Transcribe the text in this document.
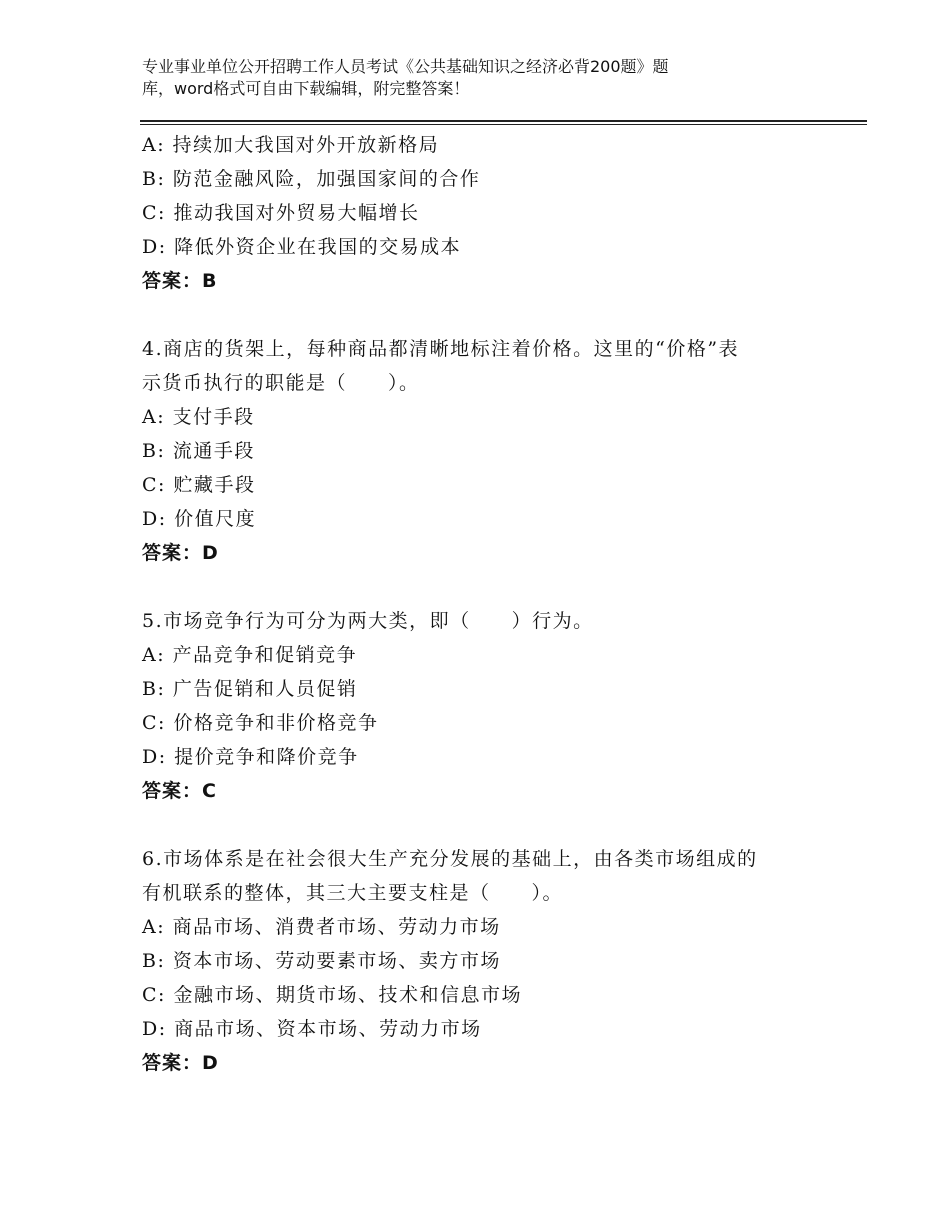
专业事业单位公开招聘工作人员考试《公共基础知识之经济必背200题》题
库，word格式可自由下载编辑，附完整答案！
A: 持续加大我国对外开放新格局
B: 防范金融风险，加强国家间的合作
C: 推动我国对外贸易大幅增长
D: 降低外资企业在我国的交易成本
答案：B
4.商店的货架上，每种商品都清晰地标注着价格。这里的“价格”表
示货币执行的职能是（　　）。
A: 支付手段
B: 流通手段
C: 贮藏手段
D: 价值尺度
答案：D
5.市场竞争行为可分为两大类，即（　　）行为。
A: 产品竞争和促销竞争
B: 广告促销和人员促销
C: 价格竞争和非价格竞争
D: 提价竞争和降价竞争
答案：C
6.市场体系是在社会很大生产充分发展的基础上，由各类市场组成的
有机联系的整体，其三大主要支柱是（　　）。
A: 商品市场、消费者市场、劳动力市场
B: 资本市场、劳动要素市场、卖方市场
C: 金融市场、期货市场、技术和信息市场
D: 商品市场、资本市场、劳动力市场
答案：D
